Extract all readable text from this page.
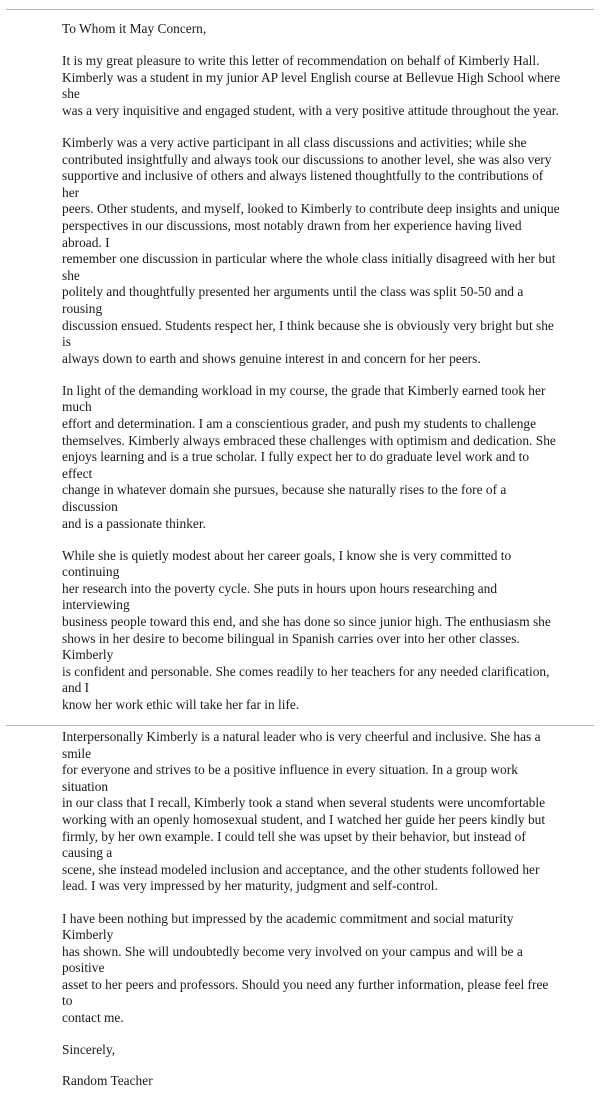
To Whom it May Concern,

It is my great pleasure to write this letter of recommendation on behalf of Kimberly Hall.
Kimberly was a student in my junior AP level English course at Bellevue High School where she
was a very inquisitive and engaged student, with a very positive attitude throughout the year.

Kimberly was a very active participant in all class discussions and activities; while she
contributed insightfully and always took our discussions to another level, she was also very
supportive and inclusive of others and always listened thoughtfully to the contributions of her
peers. Other students, and myself, looked to Kimberly to contribute deep insights and unique
perspectives in our discussions, most notably drawn from her experience having lived abroad. I
remember one discussion in particular where the whole class initially disagreed with her but she
politely and thoughtfully presented her arguments until the class was split 50-50 and a rousing
discussion ensued. Students respect her, I think because she is obviously very bright but she is
always down to earth and shows genuine interest in and concern for her peers.

In light of the demanding workload in my course, the grade that Kimberly earned took her much
effort and determination. I am a conscientious grader, and push my students to challenge
themselves. Kimberly always embraced these challenges with optimism and dedication. She
enjoys learning and is a true scholar. I fully expect her to do graduate level work and to effect
change in whatever domain she pursues, because she naturally rises to the fore of a discussion
and is a passionate thinker.

While she is quietly modest about her career goals, I know she is very committed to continuing
her research into the poverty cycle. She puts in hours upon hours researching and interviewing
business people toward this end, and she has done so since junior high. The enthusiasm she
shows in her desire to become bilingual in Spanish carries over into her other classes. Kimberly
is confident and personable. She comes readily to her teachers for any needed clarification, and I
know her work ethic will take her far in life.

Interpersonally Kimberly is a natural leader who is very cheerful and inclusive. She has a smile
for everyone and strives to be a positive influence in every situation. In a group work situation
in our class that I recall, Kimberly took a stand when several students were uncomfortable
working with an openly homosexual student, and I watched her guide her peers kindly but
firmly, by her own example. I could tell she was upset by their behavior, but instead of causing a
scene, she instead modeled inclusion and acceptance, and the other students followed her
lead. I was very impressed by her maturity, judgment and self-control.

I have been nothing but impressed by the academic commitment and social maturity Kimberly
has shown. She will undoubtedly become very involved on your campus and will be a positive
asset to her peers and professors. Should you need any further information, please feel free to
contact me.

Sincerely,

Random Teacher
